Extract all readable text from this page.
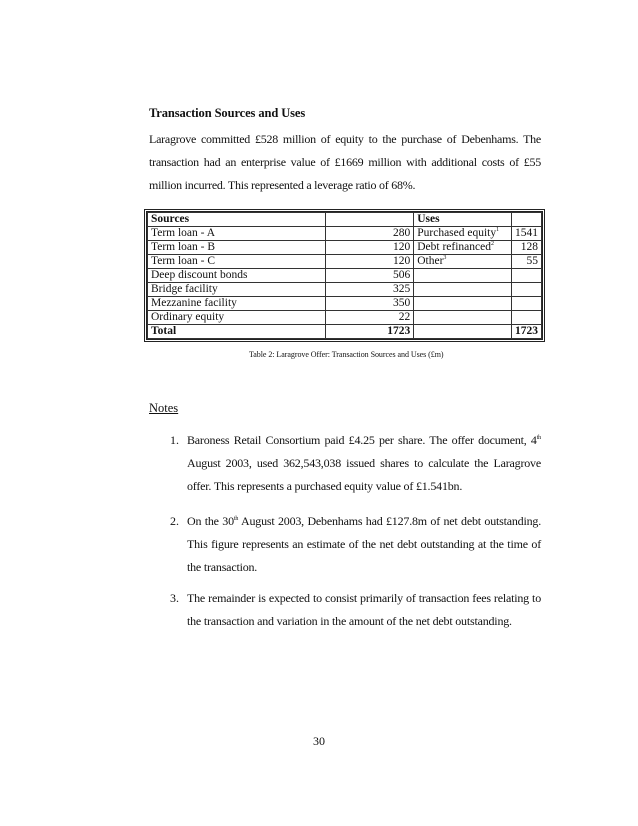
Transaction Sources and Uses
Laragrove committed £528 million of equity to the purchase of Debenhams. The transaction had an enterprise value of £1669 million with additional costs of £55 million incurred. This represented a leverage ratio of 68%.
Sources		Uses	
Term loan - A	280	Purchased equity$^1$	1541
Term loan - B	120	Debt refinanced$^2$	128
Term loan - C	120	Other$^3$	55
Deep discount bonds	506		
Bridge facility	325		
Mezzanine facility	350		
Ordinary equity	22		
Total	1723		1723
Table 2: Laragrove Offer: Transaction Sources and Uses (£m)
Notes
1. Baroness Retail Consortium paid £4.25 per share. The offer document, 4th August 2003, used 362,543,038 issued shares to calculate the Laragrove offer. This represents a purchased equity value of £1.541bn.
2. On the 30th August 2003, Debenhams had £127.8m of net debt outstanding. This figure represents an estimate of the net debt outstanding at the time of the transaction.
3. The remainder is expected to consist primarily of transaction fees relating to the transaction and variation in the amount of the net debt outstanding.
30
